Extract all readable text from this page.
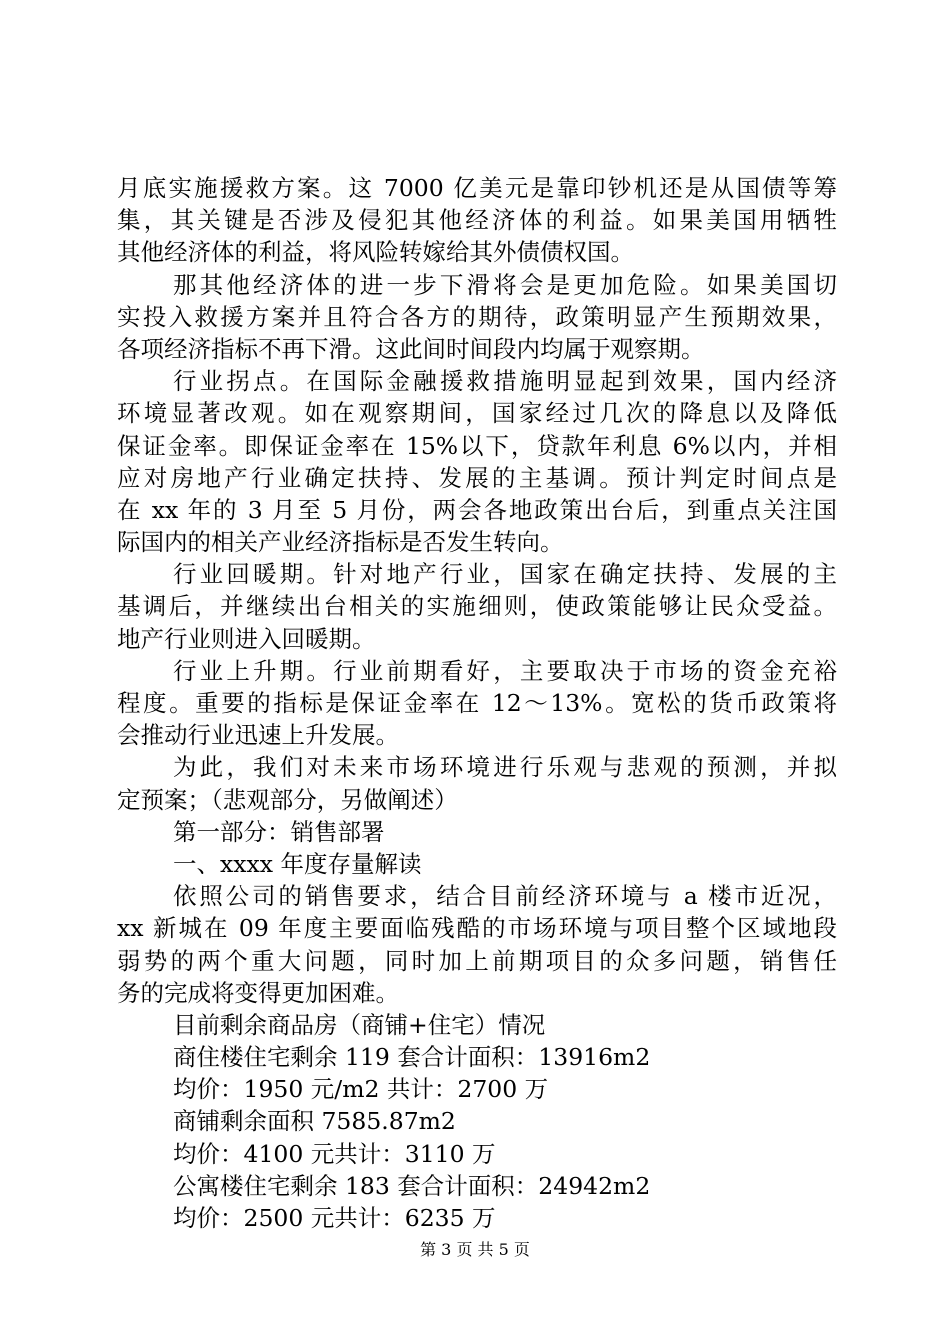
月底实施援救方案。这 7000 亿美元是靠印钞机还是从国债等筹
集，其关键是否涉及侵犯其他经济体的利益。如果美国用牺牲
其他经济体的利益，将风险转嫁给其外债债权国。
那其他经济体的进一步下滑将会是更加危险。如果美国切
实投入救援方案并且符合各方的期待，政策明显产生预期效果，
各项经济指标不再下滑。这此间时间段内均属于观察期。
行业拐点。在国际金融援救措施明显起到效果，国内经济
环境显著改观。如在观察期间，国家经过几次的降息以及降低
保证金率。即保证金率在 15%以下，贷款年利息 6%以内，并相
应对房地产行业确定扶持、发展的主基调。预计判定时间点是
在 xx 年的 3 月至 5 月份，两会各地政策出台后，到重点关注国
际国内的相关产业经济指标是否发生转向。
行业回暖期。针对地产行业，国家在确定扶持、发展的主
基调后，并继续出台相关的实施细则，使政策能够让民众受益。
地产行业则进入回暖期。
行业上升期。行业前期看好，主要取决于市场的资金充裕
程度。重要的指标是保证金率在 12～13%。宽松的货币政策将
会推动行业迅速上升发展。
为此，我们对未来市场环境进行乐观与悲观的预测，并拟
定预案；（悲观部分，另做阐述）
第一部分：销售部署
一、xxxx 年度存量解读
依照公司的销售要求，结合目前经济环境与 a 楼市近况，
xx 新城在 09 年度主要面临残酷的市场环境与项目整个区域地段
弱势的两个重大问题，同时加上前期项目的众多问题，销售任
务的完成将变得更加困难。
目前剩余商品房（商铺+住宅）情况
商住楼住宅剩余 119 套合计面积：13916m2
均价：1950 元/m2 共计：2700 万
商铺剩余面积 7585.87m2
均价：4100 元共计：3110 万
公寓楼住宅剩余 183 套合计面积：24942m2
均价：2500 元共计：6235 万
第 3 页 共 5 页
